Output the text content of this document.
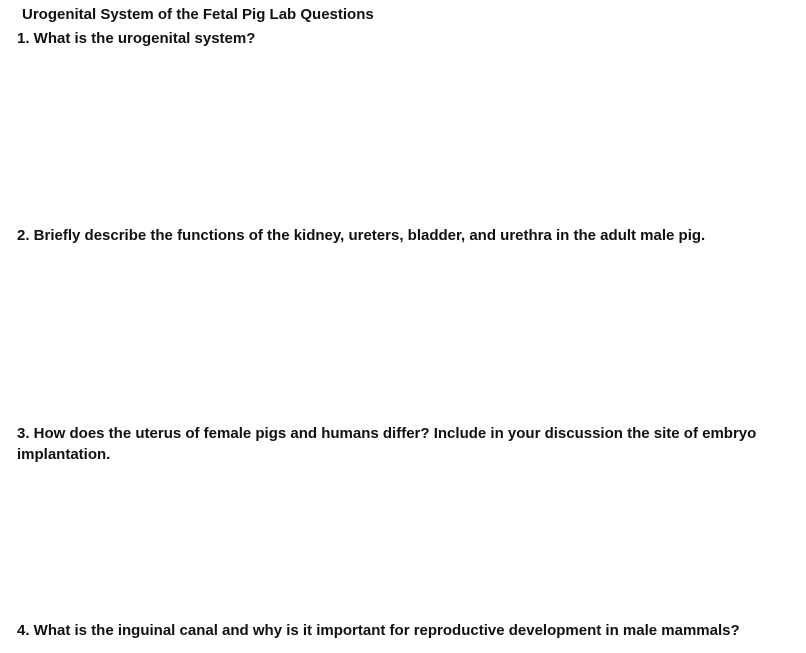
Urogenital System of the Fetal Pig Lab Questions
1. What is the urogenital system?
2. Briefly describe the functions of the kidney, ureters, bladder, and urethra in the adult male pig.
3. How does the uterus of female pigs and humans differ? Include in your discussion the site of embryo implantation.
4. What is the inguinal canal and why is it important for reproductive development in male mammals?
